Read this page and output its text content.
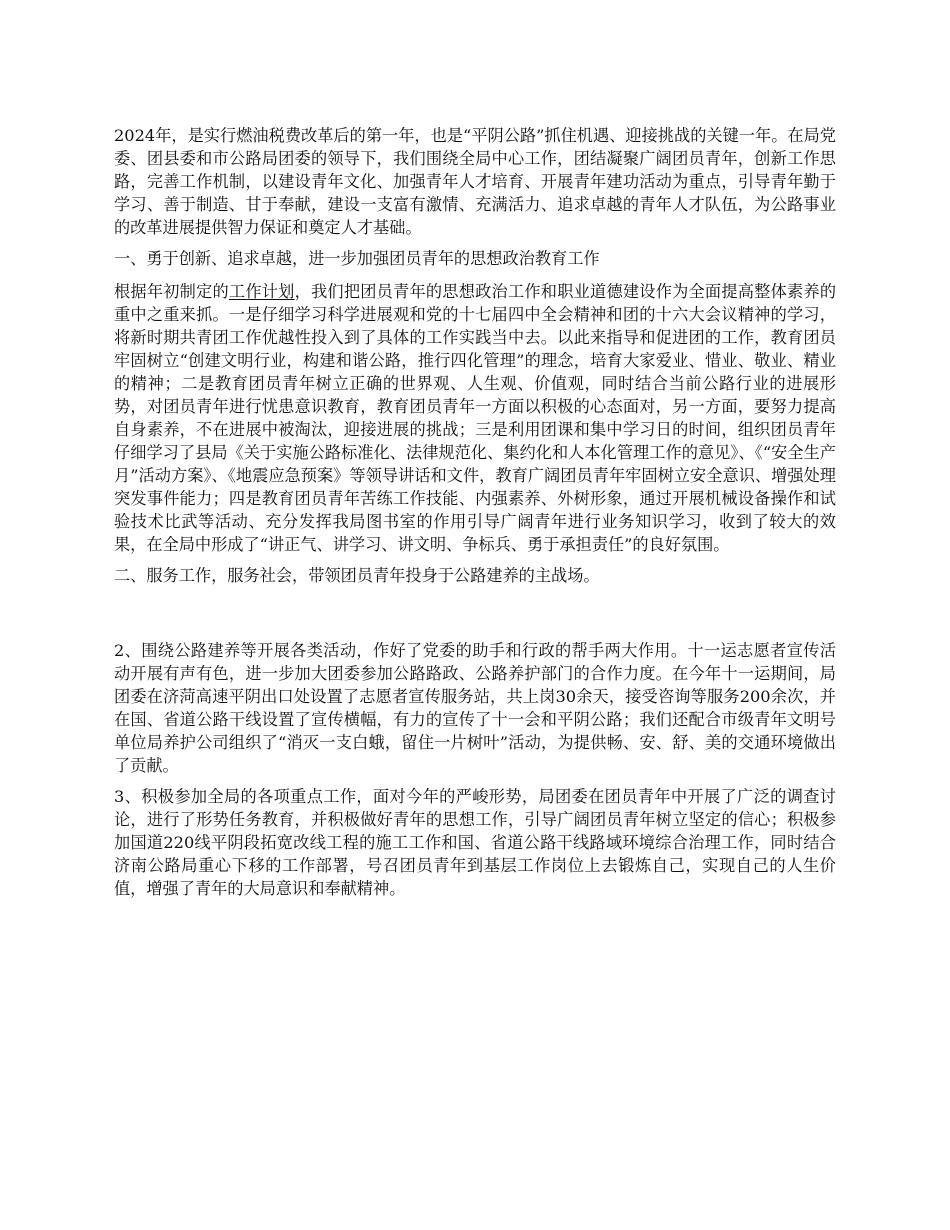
2024年，是实行燃油税费改革后的第一年，也是“平阴公路”抓住机遇、迎接挑战的关键一年。在局党委、团县委和市公路局团委的领导下，我们围绕全局中心工作，团结凝聚广阔团员青年，创新工作思路，完善工作机制，以建设青年文化、加强青年人才培育、开展青年建功活动为重点，引导青年勤于学习、善于制造、甘于奉献，建设一支富有激情、充满活力、追求卓越的青年人才队伍，为公路事业的改革进展提供智力保证和奠定人才基础。

一、勇于创新、追求卓越，进一步加强团员青年的思想政治教育工作

根据年初制定的工作计划，我们把团员青年的思想政治工作和职业道德建设作为全面提高整体素养的重中之重来抓。一是仔细学习科学进展观和党的十七届四中全会精神和团的十六大会议精神的学习，将新时期共青团工作优越性投入到了具体的工作实践当中去。以此来指导和促进团的工作，教育团员牢固树立“创建文明行业，构建和谐公路，推行四化管理”的理念，培育大家爱业、惜业、敬业、精业的精神；二是教育团员青年树立正确的世界观、人生观、价值观，同时结合当前公路行业的进展形势，对团员青年进行忧患意识教育，教育团员青年一方面以积极的心态面对，另一方面，要努力提高自身素养，不在进展中被淘汰，迎接进展的挑战；三是利用团课和集中学习日的时间，组织团员青年仔细学习了县局《关于实施公路标准化、法律规范化、集约化和人本化管理工作的意见》、《“安全生产月”活动方案》、《地震应急预案》等领导讲话和文件，教育广阔团员青年牢固树立安全意识、增强处理突发事件能力；四是教育团员青年苦练工作技能、内强素养、外树形象，通过开展机械设备操作和试验技术比武等活动、充分发挥我局图书室的作用引导广阔青年进行业务知识学习，收到了较大的效果，在全局中形成了“讲正气、讲学习、讲文明、争标兵、勇于承担责任”的良好氛围。

二、服务工作，服务社会，带领团员青年投身于公路建养的主战场。

2、围绕公路建养等开展各类活动，作好了党委的助手和行政的帮手两大作用。十一运志愿者宣传活动开展有声有色，进一步加大团委参加公路路政、公路养护部门的合作力度。在今年十一运期间，局团委在济菏高速平阴出口处设置了志愿者宣传服务站，共上岗30余天，接受咨询等服务200余次，并在国、省道公路干线设置了宣传横幅，有力的宣传了十一会和平阴公路；我们还配合市级青年文明号单位局养护公司组织了“消灭一支白蛾，留住一片树叶”活动，为提供畅、安、舒、美的交通环境做出了贡献。

3、积极参加全局的各项重点工作，面对今年的严峻形势，局团委在团员青年中开展了广泛的调查讨论，进行了形势任务教育，并积极做好青年的思想工作，引导广阔团员青年树立坚定的信心；积极参加国道220线平阴段拓宽改线工程的施工工作和国、省道公路干线路域环境综合治理工作，同时结合济南公路局重心下移的工作部署，号召团员青年到基层工作岗位上去锻炼自己，实现自己的人生价值，增强了青年的大局意识和奉献精神。
